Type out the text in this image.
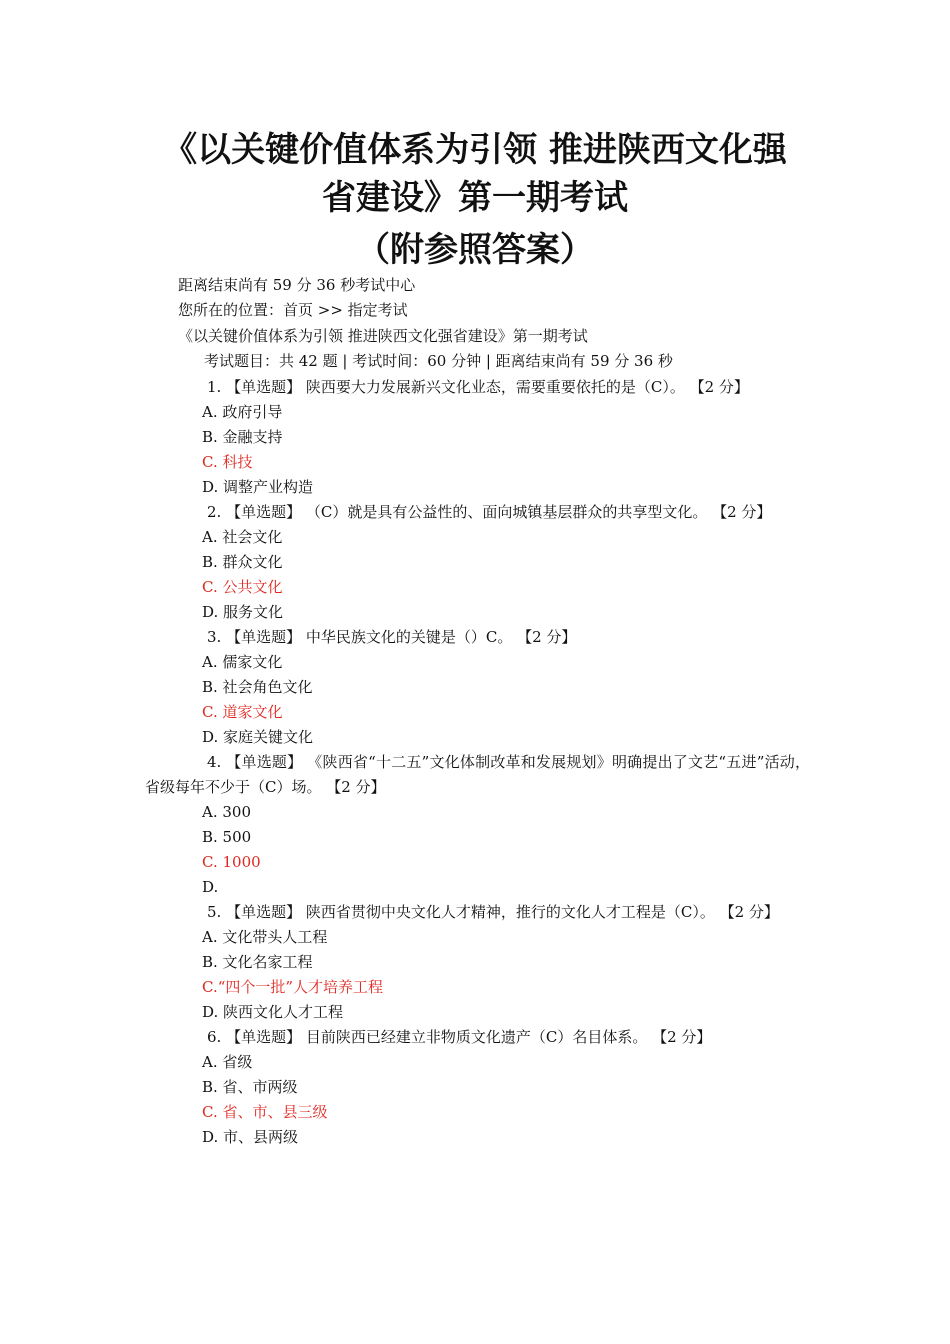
《以关键价值体系为引领 推进陕西文化强
省建设》第一期考试
（附参照答案）
距离结束尚有 59 分 36 秒考试中心
您所在的位置：首页 >> 指定考试
《以关键价值体系为引领 推进陕西文化强省建设》第一期考试
考试题目：共 42 题 | 考试时间：60 分钟 | 距离结束尚有 59 分 36 秒

1. 【单选题】 陕西要大力发展新兴文化业态，需要重要依托的是（C）。 【2 分】

A. 政府引导

B. 金融支持

C. 科技

D. 调整产业构造

2. 【单选题】 （C）就是具有公益性的、面向城镇基层群众的共享型文化。 【2 分】

A. 社会文化

B. 群众文化

C. 公共文化

D. 服务文化

3. 【单选题】 中华民族文化的关键是（）C。 【2 分】

A. 儒家文化

B. 社会角色文化

C. 道家文化

D. 家庭关键文化

4. 【单选题】 《陕西省“十二五”文化体制改革和发展规划》明确提出了文艺“五进”活动，省级每年不少于（C）场。 【2 分】

A. 300

B. 500

C. 1000

D.

5. 【单选题】 陕西省贯彻中央文化人才精神，推行的文化人才工程是（C）。 【2 分】

A. 文化带头人工程

B. 文化名家工程

C.“四个一批”人才培养工程

D. 陕西文化人才工程

6. 【单选题】 目前陕西已经建立非物质文化遗产（C）名目体系。 【2 分】

A. 省级

B. 省、市两级

C. 省、市、县三级

D. 市、县两级
